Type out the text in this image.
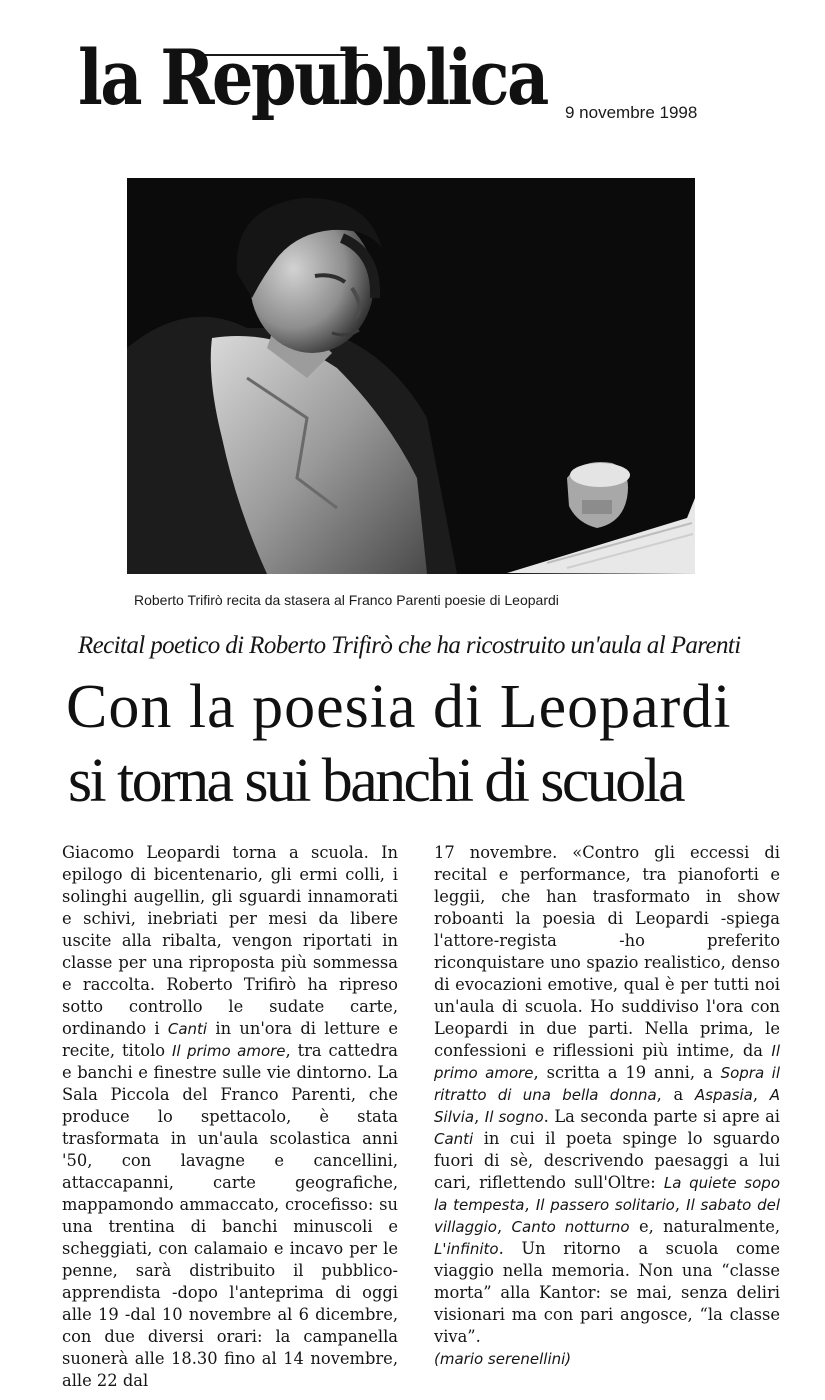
la Repubblica 9 novembre 1998
Roberto Trifirò recita da stasera al Franco Parenti poesie di Leopardi
Recital poetico di Roberto Trifirò che ha ricostruito un'aula al Parenti
Con la poesia di Leopardi
si torna sui banchi di scuola

Giacomo Leopardi torna a scuola. In epilogo di bicentenario, gli ermi colli, i solinghi augellin, gli sguardi innamorati e schivi, inebriati per mesi da libere uscite alla ribalta, vengon riportati in classe per una riproposta più sommessa e raccolta. Roberto Trifirò ha ripreso sotto controllo le sudate carte, ordinando i Canti in un'ora di letture e recite, titolo Il primo amore, tra cattedra e banchi e finestre sulle vie dintorno. La Sala Piccola del Franco Parenti, che produce lo spettacolo, è stata trasformata in un'aula scolastica anni '50, con lavagne e cancellini, attaccapanni, carte geografiche, mappamondo ammaccato, crocefisso: su una trentina di banchi minuscoli e scheggiati, con calamaio e incavo per le penne, sarà distribuito il pubblico-apprendista -dopo l'anteprima di oggi alle 19 -dal 10 novembre al 6 dicembre, con due diversi orari: la campanella suonerà alle 18.30 fino al 14 novembre, alle 22 dal

17 novembre. «Contro gli eccessi di recital e performance, tra pianoforti e leggii, che han trasformato in show roboanti la poesia di Leopardi -spiega l'attore-regista -ho preferito riconquistare uno spazio realistico, denso di evocazioni emotive, qual è per tutti noi un'aula di scuola. Ho suddiviso l'ora con Leopardi in due parti. Nella prima, le confessioni e riflessioni più intime, da Il primo amore, scritta a 19 anni, a Sopra il ritratto di una bella donna, a Aspasia, A Silvia, Il sogno. La seconda parte si apre ai Canti in cui il poeta spinge lo sguardo fuori di sè, descrivendo paesaggi a lui cari, riflettendo sull'Oltre: La quiete sopo la tempesta, Il passero solitario, Il sabato del villaggio, Canto notturno e, naturalmente, L'infinito. Un ritorno a scuola come viaggio nella memoria. Non una “classe morta” alla Kantor: se mai, senza deliri visionari ma con pari angosce, “la classe viva”.

(mario serenellini)
